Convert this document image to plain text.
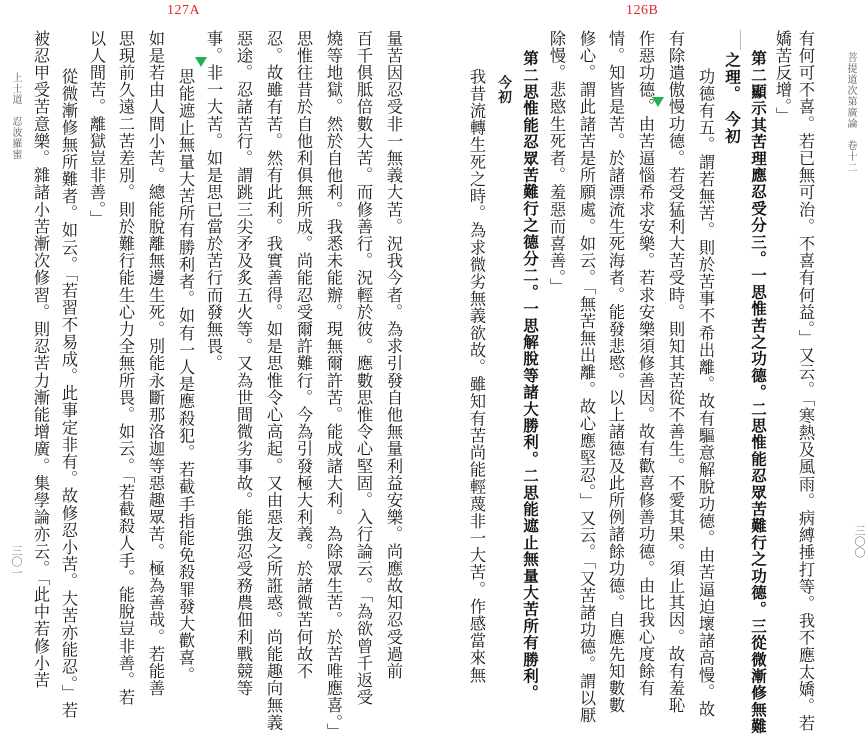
127A	126B
上士道　忍波羅蜜
三〇一
菩提道次第廣論　卷十二
三〇〇
有何可不喜。若已無可治。不喜有何益。」又云。「寒熱及風雨。病縛捶打等。我不應太嬌。若
嬌苦反增。」
第二顯示其苦理應忍受分三。一思惟苦之功德。二思惟能忍眾苦難行之功德。三從微漸修無難
之理。　今初
功德有五。謂若無苦。則於苦事不希出離。故有驅意解脫功德。由苦逼迫壞諸高慢。故
有除遣傲慢功德。若受猛利大苦受時。則知其苦從不善生。不愛其果。須止其因。故有羞恥
作惡功德。由苦逼惱希求安樂。若求安樂須修善因。故有歡喜修善功德。由比我心度餘有
情。知皆是苦。於諸漂流生死海者。能發悲愍。以上諸德及此所例諸餘功德。自應先知數數
修心。謂此諸苦是所願處。如云。「無苦無出離。故心應堅忍。」又云。「又苦諸功德。謂以厭
除慢。悲愍生死者。羞惡而喜善。」
第二思惟能忍眾苦難行之德分二。一思解脫等諸大勝利。二思能遮止無量大苦所有勝利。
今初
我昔流轉生死之時。為求微劣無義欲故。雖知有苦尚能輕蔑非一大苦。作感當來無
量苦因忍受非一無義大苦。況我今者。為求引發自他無量利益安樂。尚應故知忍受過前
百千俱胝倍數大苦。而修善行。況輕於彼。應數思惟令心堅固。入行論云。「為欲曾千返受
燒等地獄。然於自他利。我悉未能辦。現無爾許苦。能成諸大利。為除眾生苦。於苦唯應喜。」
思惟往昔於自他利俱無所成。尚能忍受爾許難行。今為引發極大利義。於諸微苦何故不
忍。故雖有苦。然有此利。我實善得。如是思惟令心高起。又由惡友之所誑惑。尚能趣向無義
惡途。忍諸苦行。謂跳三尖矛及炙五火等。又為世間微劣事故。能強忍受務農佃利戰競等
事。非一大苦。如是思已當於苦行而發無畏。
思能遮止無量大苦所有勝利者。如有一人是應殺犯。若截手指能免殺罪發大歡喜。
如是若由人間小苦。總能脫離無邊生死。別能永斷那洛迦等惡趣眾苦。極為善哉。若能善
思現前久遠二苦差別。則於難行能生心力全無所畏。如云。「若截殺人手。能脫豈非善。若
以人間苦。離獄豈非善。」
從微漸修無所難者。如云。「若習不易成。此事定非有。故修忍小苦。大苦亦能忍。」若
被忍甲受苦意樂。雜諸小苦漸次修習。則忍苦力漸能增廣。集學論亦云。「此中若修小苦
